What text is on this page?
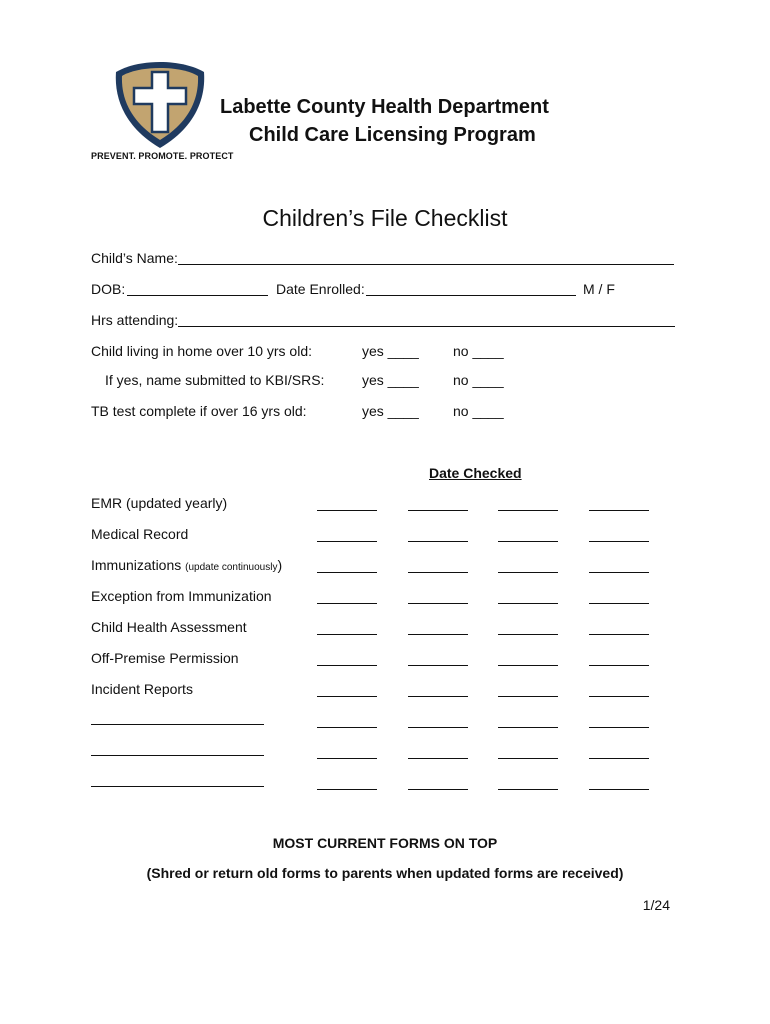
Labette County Health Department
Child Care Licensing Program
PREVENT. PROMOTE. PROTECT
Children’s File Checklist
Child’s Name:
DOB:	Date Enrolled:	M / F
Hrs attending:
Child living in home over 10 yrs old:	yes ____ no ____
If yes, name submitted to KBI/SRS:	yes ____ no ____
TB test complete if over 16 yrs old:	yes ____ no ____
Date Checked
EMR (updated yearly)
Medical Record
Immunizations (update continuously)
Exception from Immunization
Child Health Assessment
Off-Premise Permission
Incident Reports
MOST CURRENT FORMS ON TOP
(Shred or return old forms to parents when updated forms are received)
1/24
